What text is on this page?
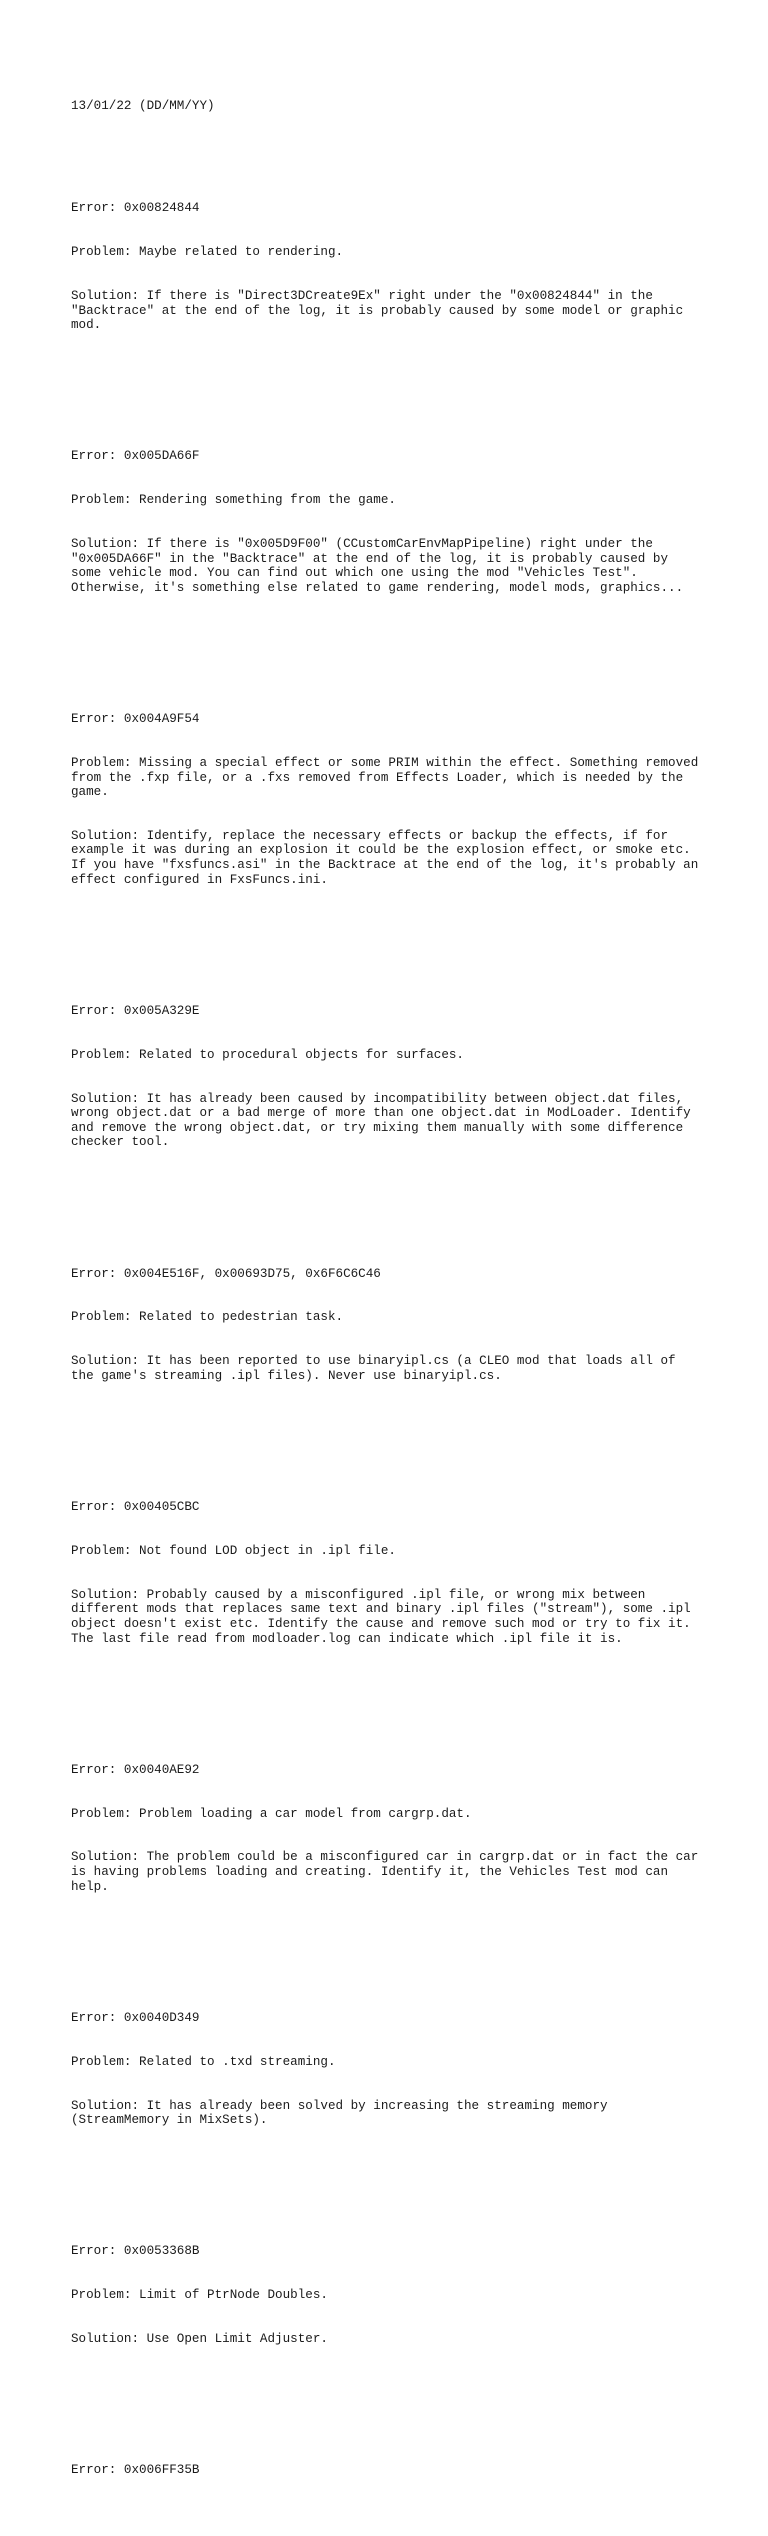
13/01/22 (DD/MM/YY)

Error: 0x00824844

Problem: Maybe related to rendering.

Solution: If there is "Direct3DCreate9Ex" right under the "0x00824844" in the
"Backtrace" at the end of the log, it is probably caused by some model or graphic
mod.

Error: 0x005DA66F

Problem: Rendering something from the game.

Solution: If there is "0x005D9F00" (CCustomCarEnvMapPipeline) right under the
"0x005DA66F" in the "Backtrace" at the end of the log, it is probably caused by
some vehicle mod. You can find out which one using the mod "Vehicles Test".
Otherwise, it's something else related to game rendering, model mods, graphics...

Error: 0x004A9F54

Problem: Missing a special effect or some PRIM within the effect. Something removed
from the .fxp file, or a .fxs removed from Effects Loader, which is needed by the
game.

Solution: Identify, replace the necessary effects or backup the effects, if for
example it was during an explosion it could be the explosion effect, or smoke etc.
If you have "fxsfuncs.asi" in the Backtrace at the end of the log, it's probably an
effect configured in FxsFuncs.ini.

Error: 0x005A329E

Problem: Related to procedural objects for surfaces.

Solution: It has already been caused by incompatibility between object.dat files,
wrong object.dat or a bad merge of more than one object.dat in ModLoader. Identify
and remove the wrong object.dat, or try mixing them manually with some difference
checker tool.

Error: 0x004E516F, 0x00693D75, 0x6F6C6C46

Problem: Related to pedestrian task.

Solution: It has been reported to use binaryipl.cs (a CLEO mod that loads all of
the game's streaming .ipl files). Never use binaryipl.cs.

Error: 0x00405CBC

Problem: Not found LOD object in .ipl file.

Solution: Probably caused by a misconfigured .ipl file, or wrong mix between
different mods that replaces same text and binary .ipl files ("stream"), some .ipl
object doesn't exist etc. Identify the cause and remove such mod or try to fix it.
The last file read from modloader.log can indicate which .ipl file it is.

Error: 0x0040AE92

Problem: Problem loading a car model from cargrp.dat.

Solution: The problem could be a misconfigured car in cargrp.dat or in fact the car
is having problems loading and creating. Identify it, the Vehicles Test mod can
help.

Error: 0x0040D349

Problem: Related to .txd streaming.

Solution: It has already been solved by increasing the streaming memory
(StreamMemory in MixSets).

Error: 0x0053368B

Problem: Limit of PtrNode Doubles.

Solution: Use Open Limit Adjuster.

Error: 0x006FF35B
